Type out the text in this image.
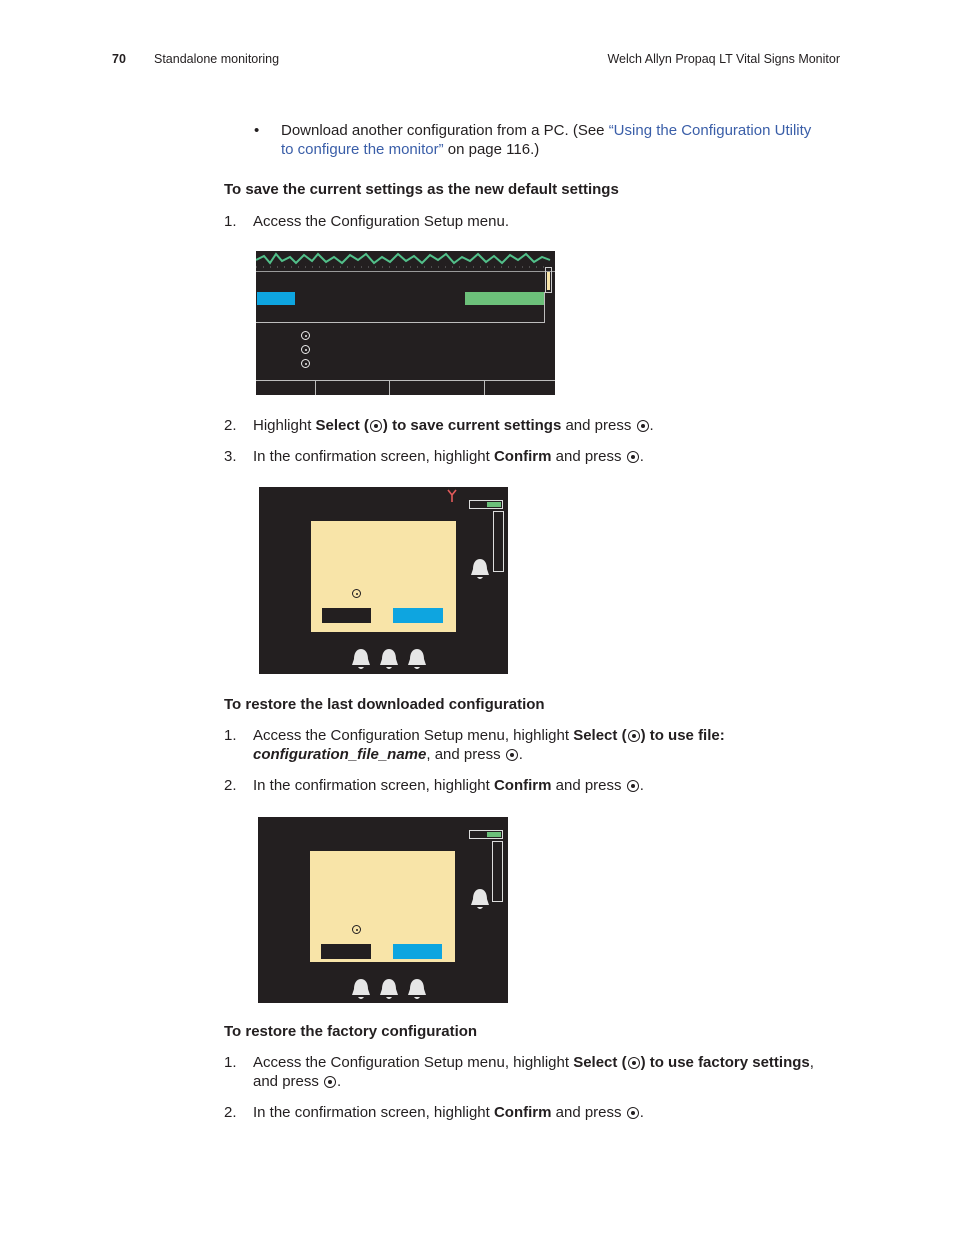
70 Standalone monitoring	Welch Allyn Propaq LT Vital Signs Monitor
• Download another configuration from a PC. (See “Using the Configuration Utility
to configure the monitor” on page 116.)
To save the current settings as the new default settings
1. Access the Configuration Setup menu.
2. Highlight Select ( ) to save current settings and press .
3. In the confirmation screen, highlight Confirm and press .
To restore the last downloaded configuration
1. Access the Configuration Setup menu, highlight Select ( ) to use file:
configuration_file_name, and press .
2. In the confirmation screen, highlight Confirm and press .
To restore the factory configuration
1. Access the Configuration Setup menu, highlight Select ( ) to use factory settings,
and press .
2. In the confirmation screen, highlight Confirm and press .
